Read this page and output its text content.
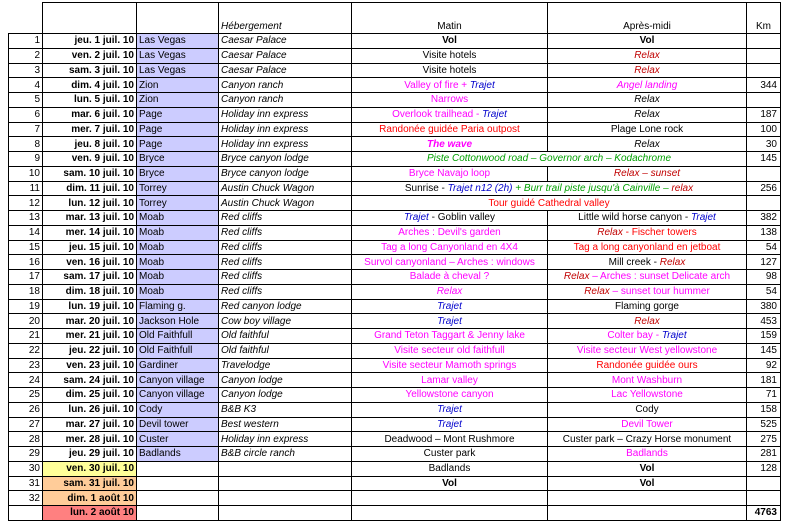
			Hébergement	Matin	Après-midi	Km
1	jeu. 1 juil. 10	Las Vegas	Caesar Palace	Vol	Vol	
2	ven. 2 juil. 10	Las Vegas	Caesar Palace	Visite hotels	Relax	
3	sam. 3 juil. 10	Las Vegas	Caesar Palace	Visite hotels	Relax	
4	dim. 4 juil. 10	Zion	Canyon ranch	Valley of fire + Trajet	Angel landing	344
5	lun. 5 juil. 10	Zion	Canyon ranch	Narrows	Relax	
6	mar. 6 juil. 10	Page	Holiday inn express	Overlook trailhead - Trajet	Relax	187
7	mer. 7 juil. 10	Page	Holiday inn express	Randonée guidée Paria outpost	Plage Lone rock	100
8	jeu. 8 juil. 10	Page	Holiday inn express	The wave	Relax	30
9	ven. 9 juil. 10	Bryce	Bryce canyon lodge	Piste Cottonwood road – Governor arch – Kodachrome		145
10	sam. 10 juil. 10	Bryce	Bryce canyon lodge	Bryce Navajo loop	Relax – sunset	
11	dim. 11 juil. 10	Torrey	Austin Chuck Wagon	Sunrise - Trajet n12 (2h) + Burr trail piste jusqu'à Cainville – relax		256
12	lun. 12 juil. 10	Torrey	Austin Chuck Wagon	Tour guidé Cathedral valley		
13	mar. 13 juil. 10	Moab	Red cliffs	Trajet - Goblin valley	Little wild horse canyon - Trajet	382
14	mer. 14 juil. 10	Moab	Red cliffs	Arches : Devil's garden	Relax - Fischer towers	138
15	jeu. 15 juil. 10	Moab	Red cliffs	Tag a long Canyonland en 4X4	Tag a long canyonland en jetboat	54
16	ven. 16 juil. 10	Moab	Red cliffs	Survol canyonland – Arches : windows	Mill creek - Relax	127
17	sam. 17 juil. 10	Moab	Red cliffs	Balade à cheval ?	Relax – Arches : sunset Delicate arch	98
18	dim. 18 juil. 10	Moab	Red cliffs	Relax	Relax – sunset tour hummer	54
19	lun. 19 juil. 10	Flaming g.	Red canyon lodge	Trajet	Flaming gorge	380
20	mar. 20 juil. 10	Jackson Hole	Cow boy village	Trajet	Relax	453
21	mer. 21 juil. 10	Old Faithfull	Old faithful	Grand Teton Taggart & Jenny lake	Colter bay - Trajet	159
22	jeu. 22 juil. 10	Old Faithfull	Old faithful	Visite secteur old faithfull	Visite secteur West yellowstone	145
23	ven. 23 juil. 10	Gardiner	Travelodge	Visite secteur Mamoth springs	Randonée guidée ours	92
24	sam. 24 juil. 10	Canyon village	Canyon lodge	Lamar valley	Mont Washburn	181
25	dim. 25 juil. 10	Canyon village	Canyon lodge	Yellowstone canyon	Lac Yellowstone	71
26	lun. 26 juil. 10	Cody	B&B K3	Trajet	Cody	158
27	mar. 27 juil. 10	Devil tower	Best western	Trajet	Devil Tower	525
28	mer. 28 juil. 10	Custer	Holiday inn express	Deadwood – Mont Rushmore	Custer park – Crazy Horse monument	275
29	jeu. 29 juil. 10	Badlands	B&B circle ranch	Custer park	Badlands	281
30	ven. 30 juil. 10			Badlands	Vol	128
31	sam. 31 juil. 10			Vol	Vol	
32	dim. 1 août 10					
	lun. 2 août 10					4763
